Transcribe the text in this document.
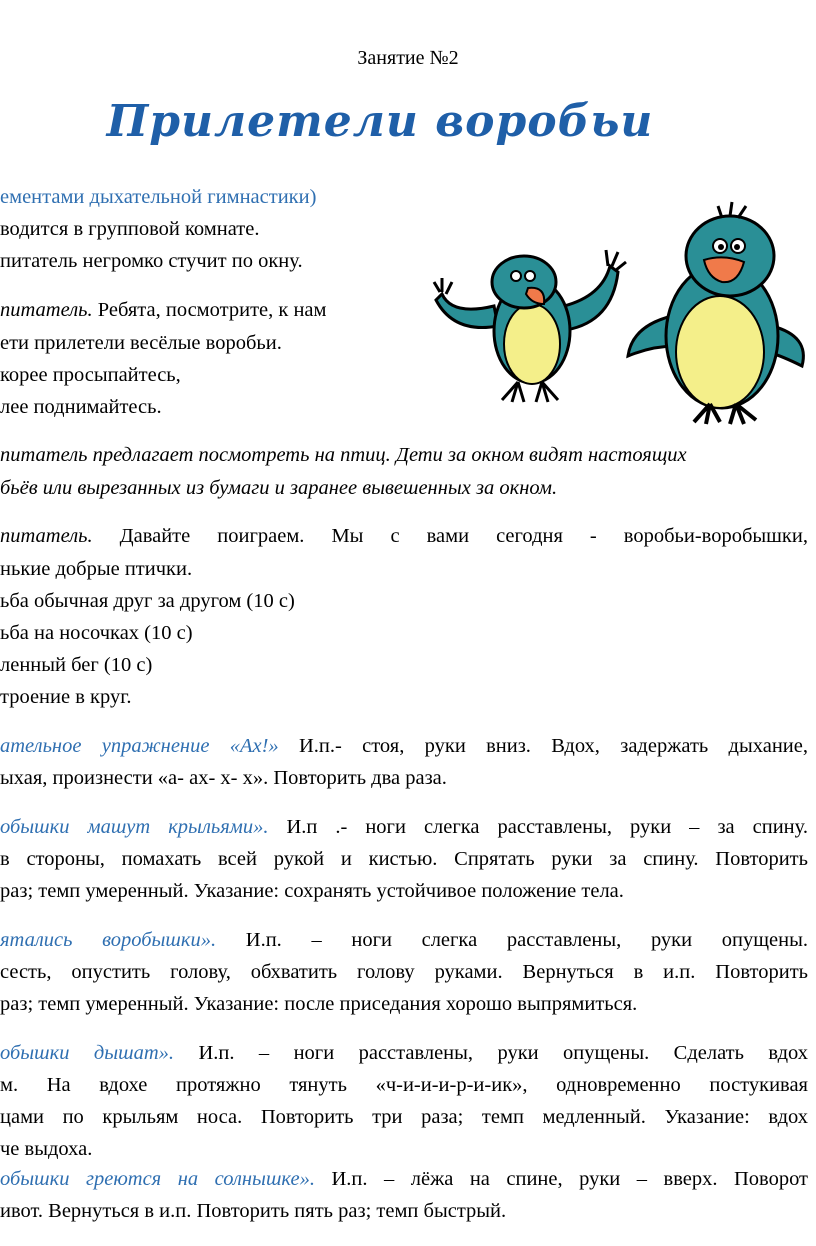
Занятие №2
Прилетели воробьи
ементами дыхательной гимнастики)
водится в групповой комнате.
питатель негромко стучит по окну.
питатель. Ребята, посмотрите, к нам
ети прилетели весёлые воробьи.
корее просыпайтесь,
лее поднимайтесь.
питатель предлагает посмотреть на птиц. Дети за окном видят настоящих
бьёв или вырезанных из бумаги и заранее вывешенных за окном.
питатель. Давайте поиграем. Мы с вами сегодня - воробьи-воробышки,
нькие добрые птички.
ьба обычная друг за другом (10 с)
ьба на носочках (10 с)
ленный бег (10 с)
троение в круг.
ательное упражнение «Ах!» И.п.- стоя, руки вниз. Вдох, задержать дыхание,
ыхая, произнести «а- ах- х- х». Повторить два раза.
обышки машут крыльями». И.п .- ноги слегка расставлены, руки – за спину.
в стороны, помахать всей рукой и кистью. Спрятать руки за спину. Повторить
раз; темп умеренный. Указание: сохранять устойчивое положение тела.
ятались воробышки». И.п. – ноги слегка расставлены, руки опущены.
сесть, опустить голову, обхватить голову руками. Вернуться в и.п. Повторить
раз; темп умеренный. Указание: после приседания хорошо выпрямиться.
обышки дышат». И.п. – ноги расставлены, руки опущены. Сделать вдох
м. На вдохе протяжно тянуть «ч-и-и-и-р-и-ик», одновременно постукивая
цами по крыльям носа. Повторить три раза; темп медленный. Указание: вдох
че выдоха.
обышки греются на солнышке». И.п. – лёжа на спине, руки – вверх. Поворот
ивот. Вернуться в и.п. Повторить пять раз; темп быстрый.
